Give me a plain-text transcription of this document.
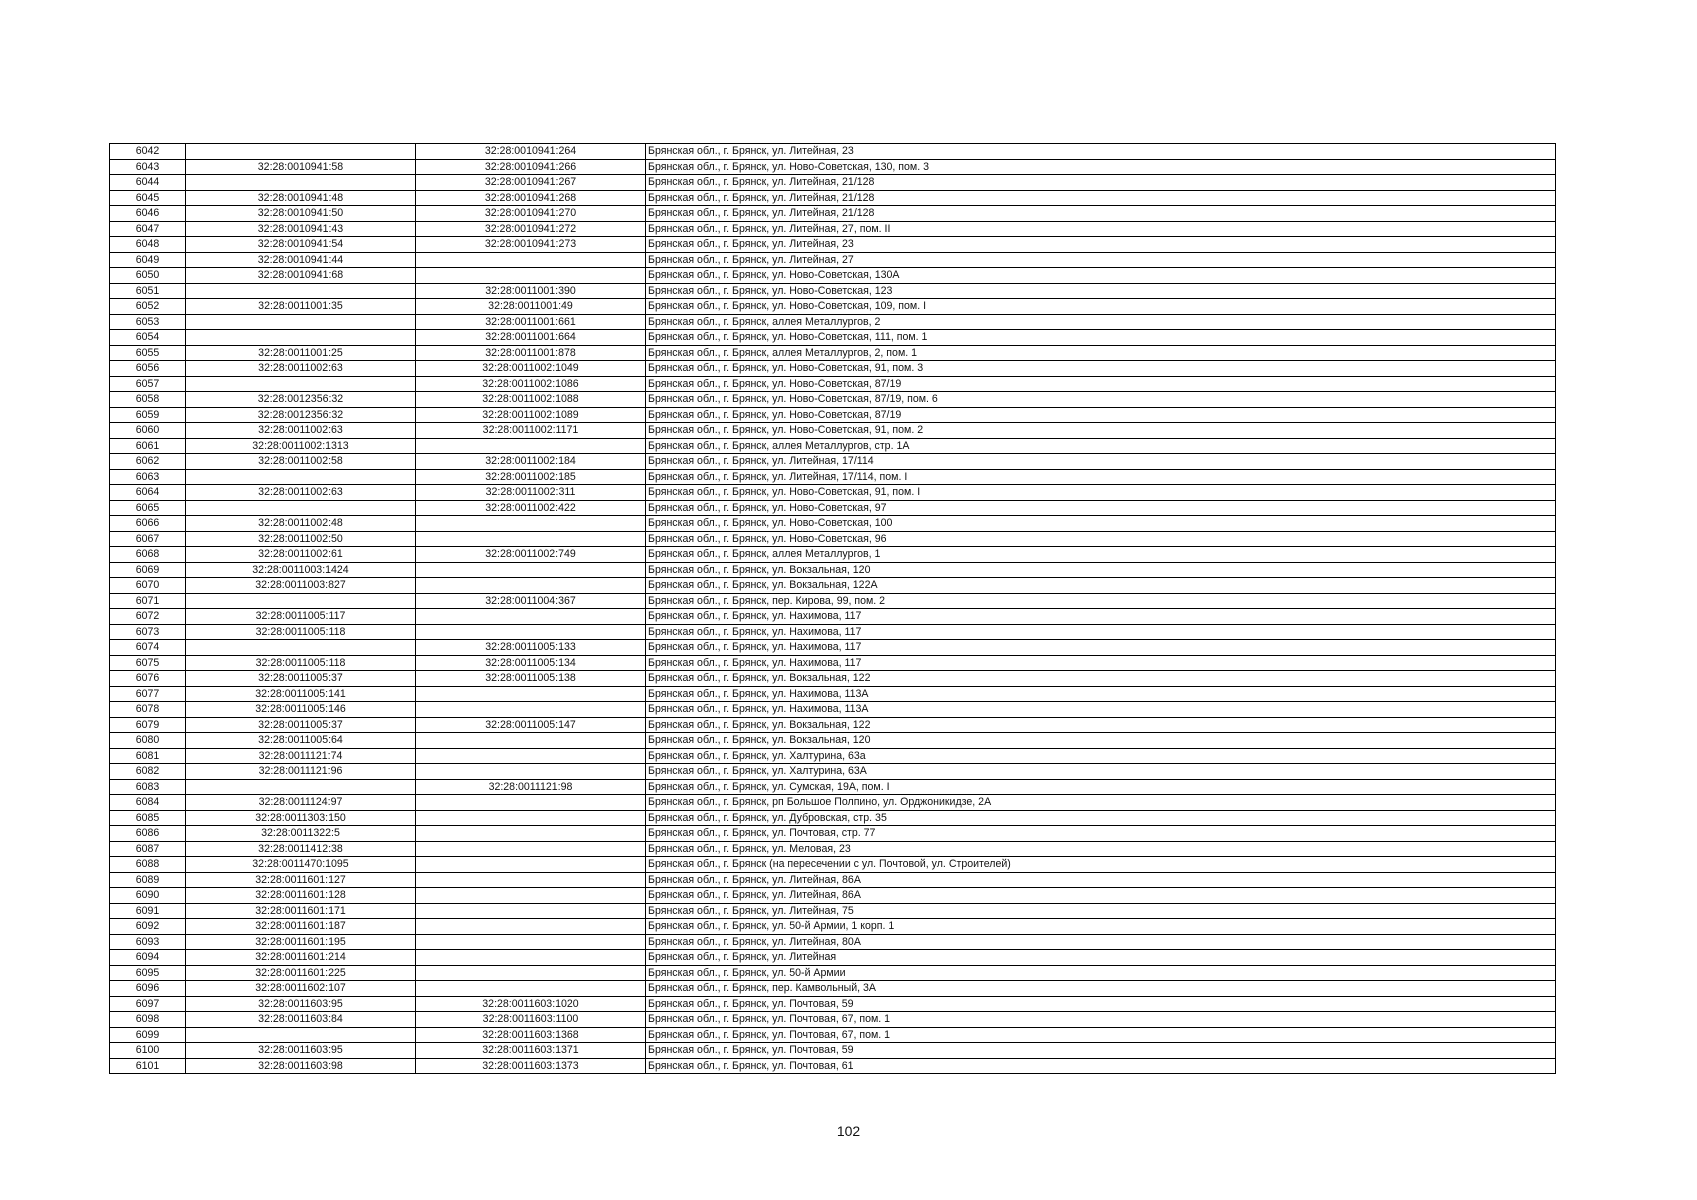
6042		32:28:0010941:264	Брянская обл., г. Брянск, ул. Литейная, 23
6043	32:28:0010941:58	32:28:0010941:266	Брянская обл., г. Брянск, ул. Ново-Советская, 130, пом. 3
6044		32:28:0010941:267	Брянская обл., г. Брянск, ул. Литейная, 21/128
6045	32:28:0010941:48	32:28:0010941:268	Брянская обл., г. Брянск, ул. Литейная, 21/128
6046	32:28:0010941:50	32:28:0010941:270	Брянская обл., г. Брянск, ул. Литейная, 21/128
6047	32:28:0010941:43	32:28:0010941:272	Брянская обл., г. Брянск, ул. Литейная, 27, пом. II
6048	32:28:0010941:54	32:28:0010941:273	Брянская обл., г. Брянск, ул. Литейная, 23
6049	32:28:0010941:44		Брянская обл., г. Брянск, ул. Литейная, 27
6050	32:28:0010941:68		Брянская обл., г. Брянск, ул. Ново-Советская, 130А
6051		32:28:0011001:390	Брянская обл., г. Брянск, ул. Ново-Советская, 123
6052	32:28:0011001:35	32:28:0011001:49	Брянская обл., г. Брянск, ул. Ново-Советская, 109, пом. I
6053		32:28:0011001:661	Брянская обл., г. Брянск, аллея Металлургов, 2
6054		32:28:0011001:664	Брянская обл., г. Брянск, ул. Ново-Советская, 111, пом. 1
6055	32:28:0011001:25	32:28:0011001:878	Брянская обл., г. Брянск, аллея Металлургов, 2, пом. 1
6056	32:28:0011002:63	32:28:0011002:1049	Брянская обл., г. Брянск, ул. Ново-Советская, 91, пом. 3
6057		32:28:0011002:1086	Брянская обл., г. Брянск, ул. Ново-Советская, 87/19
6058	32:28:0012356:32	32:28:0011002:1088	Брянская обл., г. Брянск, ул. Ново-Советская, 87/19, пом. 6
6059	32:28:0012356:32	32:28:0011002:1089	Брянская обл., г. Брянск, ул. Ново-Советская, 87/19
6060	32:28:0011002:63	32:28:0011002:1171	Брянская обл., г. Брянск, ул. Ново-Советская, 91, пом. 2
6061	32:28:0011002:1313		Брянская обл., г. Брянск, аллея Металлургов, стр. 1А
6062	32:28:0011002:58	32:28:0011002:184	Брянская обл., г. Брянск, ул. Литейная, 17/114
6063		32:28:0011002:185	Брянская обл., г. Брянск, ул. Литейная, 17/114, пом. I
6064	32:28:0011002:63	32:28:0011002:311	Брянская обл., г. Брянск, ул. Ново-Советская, 91, пом. I
6065		32:28:0011002:422	Брянская обл., г. Брянск, ул. Ново-Советская, 97
6066	32:28:0011002:48		Брянская обл., г. Брянск, ул. Ново-Советская, 100
6067	32:28:0011002:50		Брянская обл., г. Брянск, ул. Ново-Советская, 96
6068	32:28:0011002:61	32:28:0011002:749	Брянская обл., г. Брянск, аллея Металлургов, 1
6069	32:28:0011003:1424		Брянская обл., г. Брянск, ул. Вокзальная, 120
6070	32:28:0011003:827		Брянская обл., г. Брянск, ул. Вокзальная, 122А
6071		32:28:0011004:367	Брянская обл., г. Брянск, пер. Кирова, 99, пом. 2
6072	32:28:0011005:117		Брянская обл., г. Брянск, ул. Нахимова, 117
6073	32:28:0011005:118		Брянская обл., г. Брянск, ул. Нахимова, 117
6074		32:28:0011005:133	Брянская обл., г. Брянск, ул. Нахимова, 117
6075	32:28:0011005:118	32:28:0011005:134	Брянская обл., г. Брянск, ул. Нахимова, 117
6076	32:28:0011005:37	32:28:0011005:138	Брянская обл., г. Брянск, ул. Вокзальная, 122
6077	32:28:0011005:141		Брянская обл., г. Брянск, ул. Нахимова, 113А
6078	32:28:0011005:146		Брянская обл., г. Брянск, ул. Нахимова, 113А
6079	32:28:0011005:37	32:28:0011005:147	Брянская обл., г. Брянск, ул. Вокзальная, 122
6080	32:28:0011005:64		Брянская обл., г. Брянск, ул. Вокзальная, 120
6081	32:28:0011121:74		Брянская обл., г. Брянск, ул. Халтурина, 63а
6082	32:28:0011121:96		Брянская обл., г. Брянск, ул. Халтурина, 63А
6083		32:28:0011121:98	Брянская обл., г. Брянск, ул. Сумская, 19А, пом. I
6084	32:28:0011124:97		Брянская обл., г. Брянск, рп Большое Полпино, ул. Орджоникидзе, 2А
6085	32:28:0011303:150		Брянская обл., г. Брянск, ул. Дубровская, стр. 35
6086	32:28:0011322:5		Брянская обл., г. Брянск, ул. Почтовая, стр. 77
6087	32:28:0011412:38		Брянская обл., г. Брянск, ул. Меловая, 23
6088	32:28:0011470:1095		Брянская обл., г. Брянск (на пересечении с ул. Почтовой, ул. Строителей)
6089	32:28:0011601:127		Брянская обл., г. Брянск, ул. Литейная, 86А
6090	32:28:0011601:128		Брянская обл., г. Брянск, ул. Литейная, 86А
6091	32:28:0011601:171		Брянская обл., г. Брянск, ул. Литейная, 75
6092	32:28:0011601:187		Брянская обл., г. Брянск, ул. 50-й Армии, 1 корп. 1
6093	32:28:0011601:195		Брянская обл., г. Брянск, ул. Литейная, 80А
6094	32:28:0011601:214		Брянская обл., г. Брянск, ул. Литейная
6095	32:28:0011601:225		Брянская обл., г. Брянск, ул. 50-й Армии
6096	32:28:0011602:107		Брянская обл., г. Брянск, пер. Камвольный, 3А
6097	32:28:0011603:95	32:28:0011603:1020	Брянская обл., г. Брянск, ул. Почтовая, 59
6098	32:28:0011603:84	32:28:0011603:1100	Брянская обл., г. Брянск, ул. Почтовая, 67, пом. 1
6099		32:28:0011603:1368	Брянская обл., г. Брянск, ул. Почтовая, 67, пом. 1
6100	32:28:0011603:95	32:28:0011603:1371	Брянская обл., г. Брянск, ул. Почтовая, 59
6101	32:28:0011603:98	32:28:0011603:1373	Брянская обл., г. Брянск, ул. Почтовая, 61
102
